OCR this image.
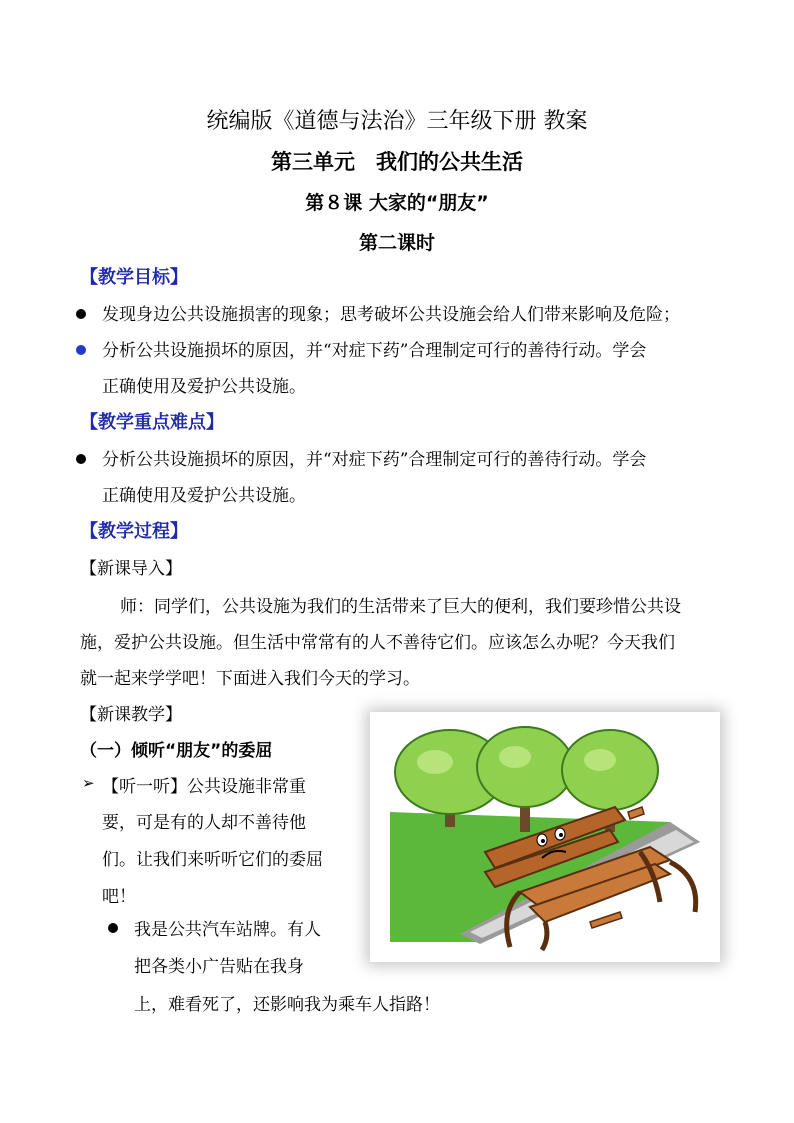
统编版《道德与法治》三年级下册 教案
第三单元　我们的公共生活
第８课 大家的“朋友”
第二课时
【教学目标】
发现身边公共设施损害的现象；思考破坏公共设施会给人们带来影响及危险；
分析公共设施损坏的原因，并“对症下药”合理制定可行的善待行动。学会
正确使用及爱护公共设施。
【教学重点难点】
分析公共设施损坏的原因，并“对症下药”合理制定可行的善待行动。学会
正确使用及爱护公共设施。
【教学过程】
【新课导入】
师：同学们，公共设施为我们的生活带来了巨大的便利，我们要珍惜公共设
施，爱护公共设施。但生活中常常有的人不善待它们。应该怎么办呢？今天我们
就一起来学学吧！下面进入我们今天的学习。
【新课教学】
（一）倾听“朋友”的委屈
➢ 【听一听】公共设施非常重
要，可是有的人却不善待他
们。让我们来听听它们的委屈
吧！
我是公共汽车站牌。有人
把各类小广告贴在我身
上，难看死了，还影响我为乘车人指路！
